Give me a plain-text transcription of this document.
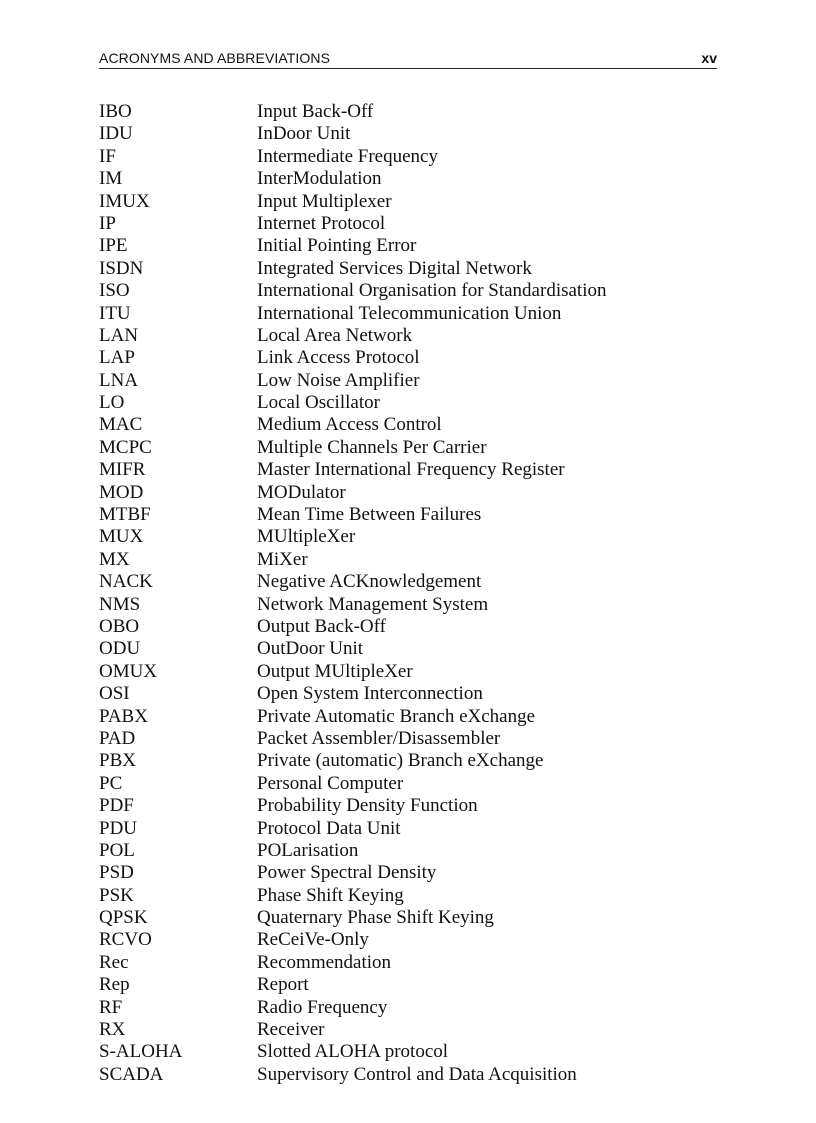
ACRONYMS AND ABBREVIATIONS	xv
IBO	Input Back-Off
IDU	InDoor Unit
IF	Intermediate Frequency
IM	InterModulation
IMUX	Input Multiplexer
IP	Internet Protocol
IPE	Initial Pointing Error
ISDN	Integrated Services Digital Network
ISO	International Organisation for Standardisation
ITU	International Telecommunication Union
LAN	Local Area Network
LAP	Link Access Protocol
LNA	Low Noise Amplifier
LO	Local Oscillator
MAC	Medium Access Control
MCPC	Multiple Channels Per Carrier
MIFR	Master International Frequency Register
MOD	MODulator
MTBF	Mean Time Between Failures
MUX	MUltipleXer
MX	MiXer
NACK	Negative ACKnowledgement
NMS	Network Management System
OBO	Output Back-Off
ODU	OutDoor Unit
OMUX	Output MUltipleXer
OSI	Open System Interconnection
PABX	Private Automatic Branch eXchange
PAD	Packet Assembler/Disassembler
PBX	Private (automatic) Branch eXchange
PC	Personal Computer
PDF	Probability Density Function
PDU	Protocol Data Unit
POL	POLarisation
PSD	Power Spectral Density
PSK	Phase Shift Keying
QPSK	Quaternary Phase Shift Keying
RCVO	ReCeiVe-Only
Rec	Recommendation
Rep	Report
RF	Radio Frequency
RX	Receiver
S-ALOHA	Slotted ALOHA protocol
SCADA	Supervisory Control and Data Acquisition
